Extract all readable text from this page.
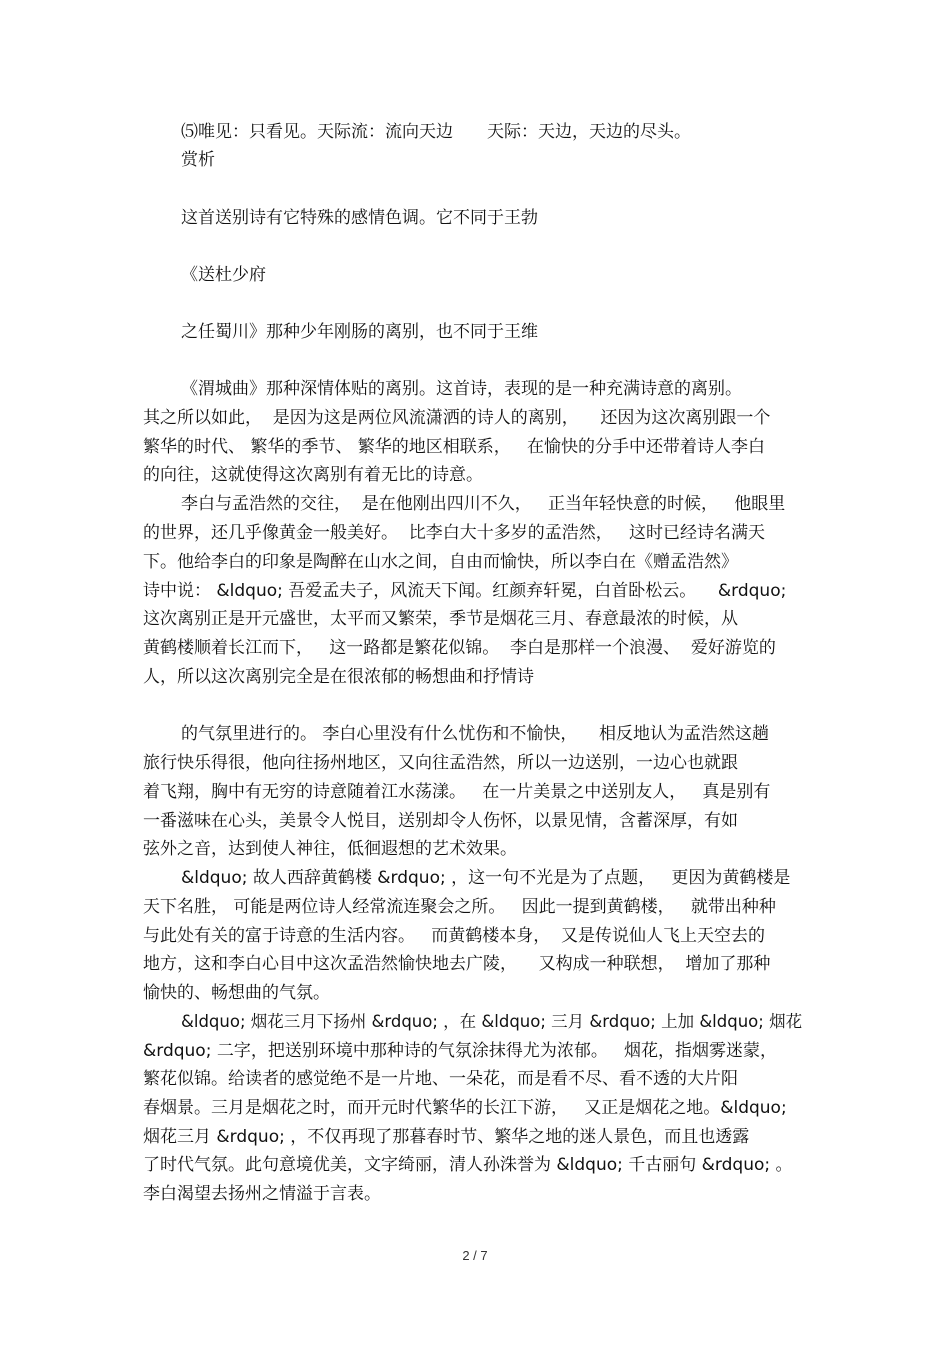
⑸唯见：只看见。天际流：流向天边　　天际：天边，天边的尽头。
赏析
这首送别诗有它特殊的感情色调。它不同于王勃
《送杜少府
之任蜀川》那种少年刚肠的离别，也不同于王维
《渭城曲》那种深情体贴的离别。这首诗，表现的是一种充满诗意的离别。
其之所以如此，  是因为这是两位风流潇洒的诗人的离别，    还因为这次离别跟一个
繁华的时代、 繁华的季节、 繁华的地区相联系，   在愉快的分手中还带着诗人李白
的向往，这就使得这次离别有着无比的诗意。
李白与孟浩然的交往，  是在他刚出四川不久，   正当年轻快意的时候，   他眼里
的世界，还几乎像黄金一般美好。  比李白大十多岁的孟浩然，   这时已经诗名满天
下。他给李白的印象是陶醉在山水之间，自由而愉快，所以李白在《赠孟浩然》
诗中说： &ldquo; 吾爱孟夫子，风流天下闻。红颜弃轩冕，白首卧松云。    &rdquo;
这次离别正是开元盛世，太平而又繁荣，季节是烟花三月、春意最浓的时候，从
黄鹤楼顺着长江而下，   这一路都是繁花似锦。  李白是那样一个浪漫、  爱好游览的
人，所以这次离别完全是在很浓郁的畅想曲和抒情诗
的气氛里进行的。 李白心里没有什么忧伤和不愉快，    相反地认为孟浩然这趟
旅行快乐得很，他向往扬州地区，又向往孟浩然，所以一边送别，一边心也就跟
着飞翔，胸中有无穷的诗意随着江水荡漾。   在一片美景之中送别友人，   真是别有
一番滋味在心头，美景令人悦目，送别却令人伤怀，以景见情，含蓄深厚，有如
弦外之音，达到使人神往，低徊遐想的艺术效果。
&ldquo; 故人西辞黄鹤楼 &rdquo; ，这一句不光是为了点题，   更因为黄鹤楼是
天下名胜， 可能是两位诗人经常流连聚会之所。   因此一提到黄鹤楼，   就带出种种
与此处有关的富于诗意的生活内容。   而黄鹤楼本身，  又是传说仙人飞上天空去的
地方，这和李白心目中这次孟浩然愉快地去广陵，    又构成一种联想，  增加了那种
愉快的、畅想曲的气氛。
&ldquo; 烟花三月下扬州 &rdquo; ，在 &ldquo; 三月 &rdquo; 上加 &ldquo; 烟花
&rdquo; 二字，把送别环境中那种诗的气氛涂抹得尤为浓郁。   烟花，指烟雾迷蒙，
繁花似锦。给读者的感觉绝不是一片地、一朵花，而是看不尽、看不透的大片阳
春烟景。三月是烟花之时，而开元时代繁华的长江下游，   又正是烟花之地。&ldquo;
烟花三月 &rdquo; ，不仅再现了那暮春时节、繁华之地的迷人景色，而且也透露
了时代气氛。此句意境优美，文字绮丽，清人孙洙誉为 &ldquo; 千古丽句 &rdquo; 。
李白渴望去扬州之情溢于言表。
2 / 7
